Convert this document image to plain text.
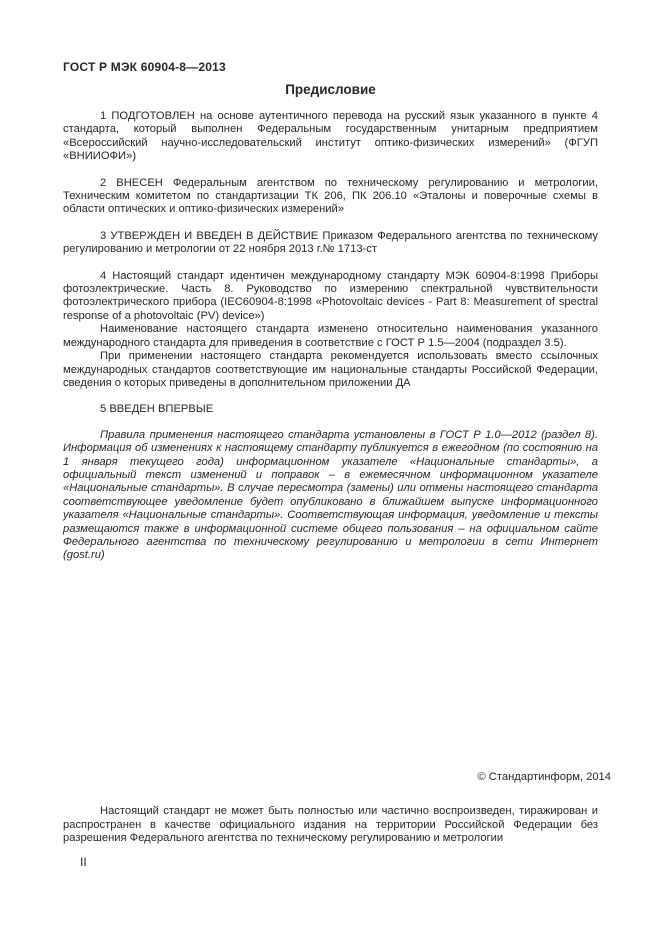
ГОСТ Р МЭК 60904-8—2013
Предисловие

1 ПОДГОТОВЛЕН на основе аутентичного перевода на русский язык указанного в пункте 4 стандарта, который выполнен Федеральным государственным унитарным предприятием «Всероссийский научно-исследовательский институт оптико-физических измерений» (ФГУП «ВНИИОФИ»)

2 ВНЕСЕН Федеральным агентством по техническому регулированию и метрологии, Техническим комитетом по стандартизации ТК 206, ПК 206.10 «Эталоны и поверочные схемы в области оптических и оптико-физических измерений»

3 УТВЕРЖДЕН И ВВЕДЕН В ДЕЙСТВИЕ Приказом Федерального агентства по техническому регулированию и метрологии от 22 ноября 2013 г.№ 1713-ст

4 Настоящий стандарт идентичен международному стандарту МЭК 60904-8:1998 Приборы фотоэлектрические. Часть 8. Руководство по измерению спектральной чувствительности фотоэлектрического прибора (IEC60904-8:1998 «Photovoltaic devices - Part 8: Measurement of spectral response of a photovoltaic (PV) device»)

Наименование настоящего стандарта изменено относительно наименования указанного международного стандарта для приведения в соответствие с ГОСТ Р 1.5—2004 (подраздел 3.5).

При применении настоящего стандарта рекомендуется использовать вместо ссылочных международных стандартов соответствующие им национальные стандарты Российской Федерации, сведения о которых приведены в дополнительном приложении ДА

5 ВВЕДЕН ВПЕРВЫЕ

Правила применения настоящего стандарта установлены в ГОСТ Р 1.0—2012 (раздел 8). Информация об изменениях к настоящему стандарту публикуется в ежегодном (по состоянию на 1 января текущего года) информационном указателе «Национальные стандарты», а официальный текст изменений и поправок – в ежемесячном информационном указателе «Национальные стандарты». В случае пересмотра (замены) или отмены настоящего стандарта соответствующее уведомление будет опубликовано в ближайшем выпуске информационного указателя «Национальные стандарты». Соответствующая информация, уведомление и тексты размещаются также в информационной системе общего пользования – на официальном сайте Федерального агентства по техническому регулированию и метрологии в сети Интернет (gost.ru)

© Стандартинформ, 2014

Настоящий стандарт не может быть полностью или частично воспроизведен, тиражирован и распространен в качестве официального издания на территории Российской Федерации без разрешения Федерального агентства по техническому регулированию и метрологии

II
